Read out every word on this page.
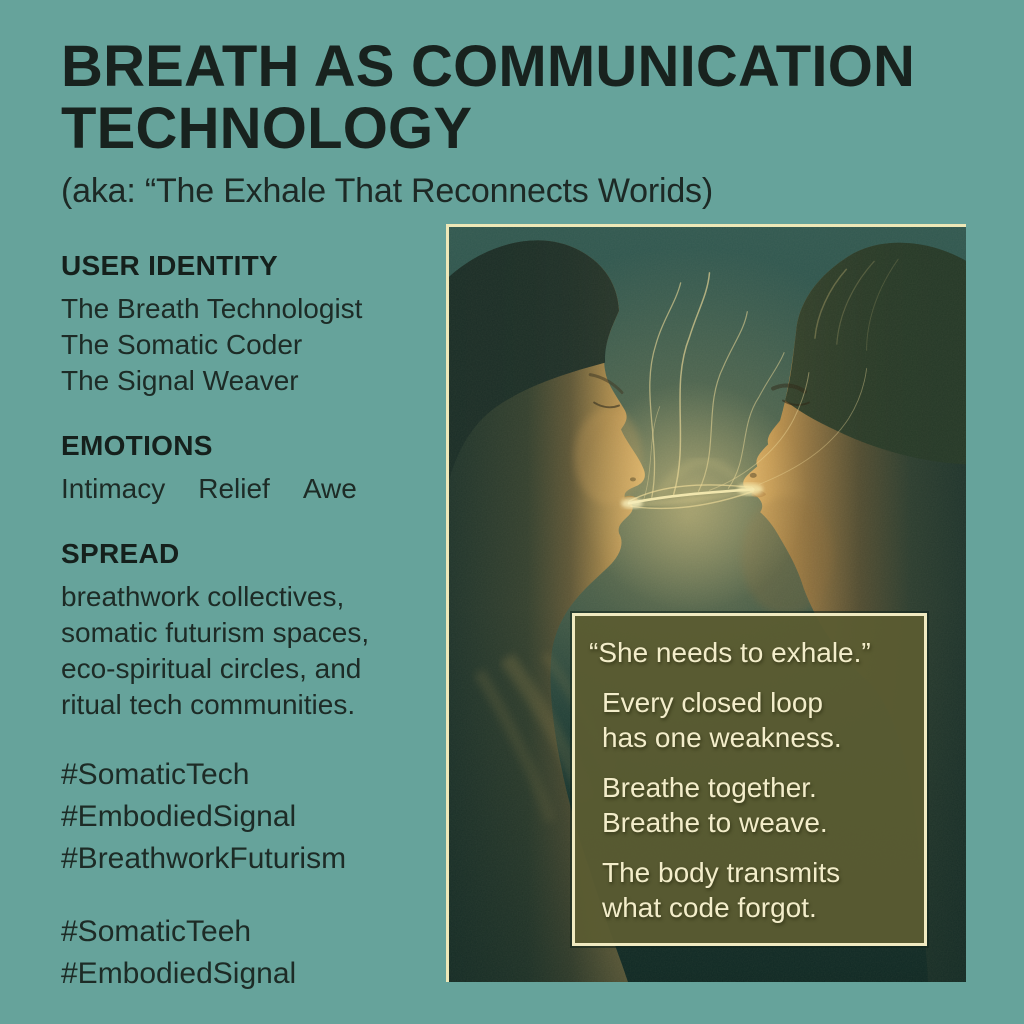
BREATH AS COMMUNICATION
TECHNOLOGY
(aka: “The Exhale That Reconnects Worids)
USER IDENTITY
The Breath Technologist
The Somatic Coder
The Signal Weaver
EMOTIONS
Intimacy Relief Awe
SPREAD
breathwork collectives,
somatic futurism spaces,
eco-spiritual circles, and
ritual tech communities.
#SomaticTech
#EmbodiedSignal
#BreathworkFuturism
#SomaticTeeh
#EmbodiedSignal

“She needs to exhale.”

Every closed loop
has one weakness.

Breathe together.
Breathe to weave.

The body transmits
what code forgot.
